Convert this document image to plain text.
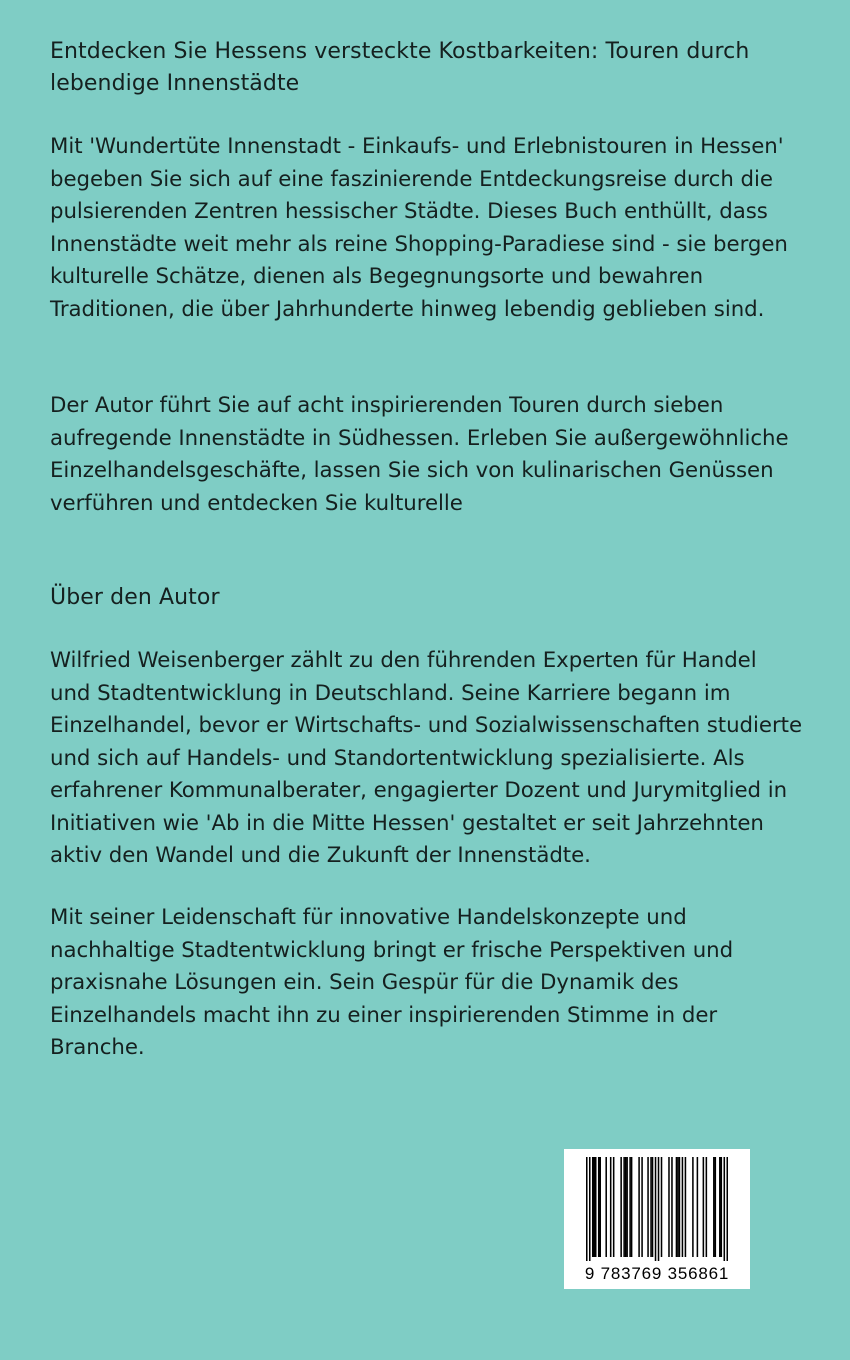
Entdecken Sie Hessens versteckte Kostbarkeiten: Touren durch lebendige Innenstädte

Mit 'Wundertüte Innenstadt - Einkaufs- und Erlebnistouren in Hessen' begeben Sie sich auf eine faszinierende Entdeckungsreise durch die pulsierenden Zentren hessischer Städte. Dieses Buch enthüllt, dass Innenstädte weit mehr als reine Shopping-Paradiese sind - sie bergen kulturelle Schätze, dienen als Begegnungsorte und bewahren Traditionen, die über Jahrhunderte hinweg lebendig geblieben sind.

Der Autor führt Sie auf acht inspirierenden Touren durch sieben aufregende Innenstädte in Südhessen. Erleben Sie außergewöhnliche Einzelhandelsgeschäfte, lassen Sie sich von kulinarischen Genüssen verführen und entdecken Sie kulturelle

Über den Autor

Wilfried Weisenberger zählt zu den führenden Experten für Handel und Stadtentwicklung in Deutschland. Seine Karriere begann im Einzelhandel, bevor er Wirtschafts- und Sozialwissenschaften studierte und sich auf Handels- und Standortentwicklung spezialisierte. Als erfahrener Kommunalberater, engagierter Dozent und Jurymitglied in Initiativen wie 'Ab in die Mitte Hessen' gestaltet er seit Jahrzehnten aktiv den Wandel und die Zukunft der Innenstädte.

Mit seiner Leidenschaft für innovative Handelskonzepte und nachhaltige Stadtentwicklung bringt er frische Perspektiven und praxisnahe Lösungen ein. Sein Gespür für die Dynamik des Einzelhandels macht ihn zu einer inspirierenden Stimme in der Branche.

9 783769 356861
